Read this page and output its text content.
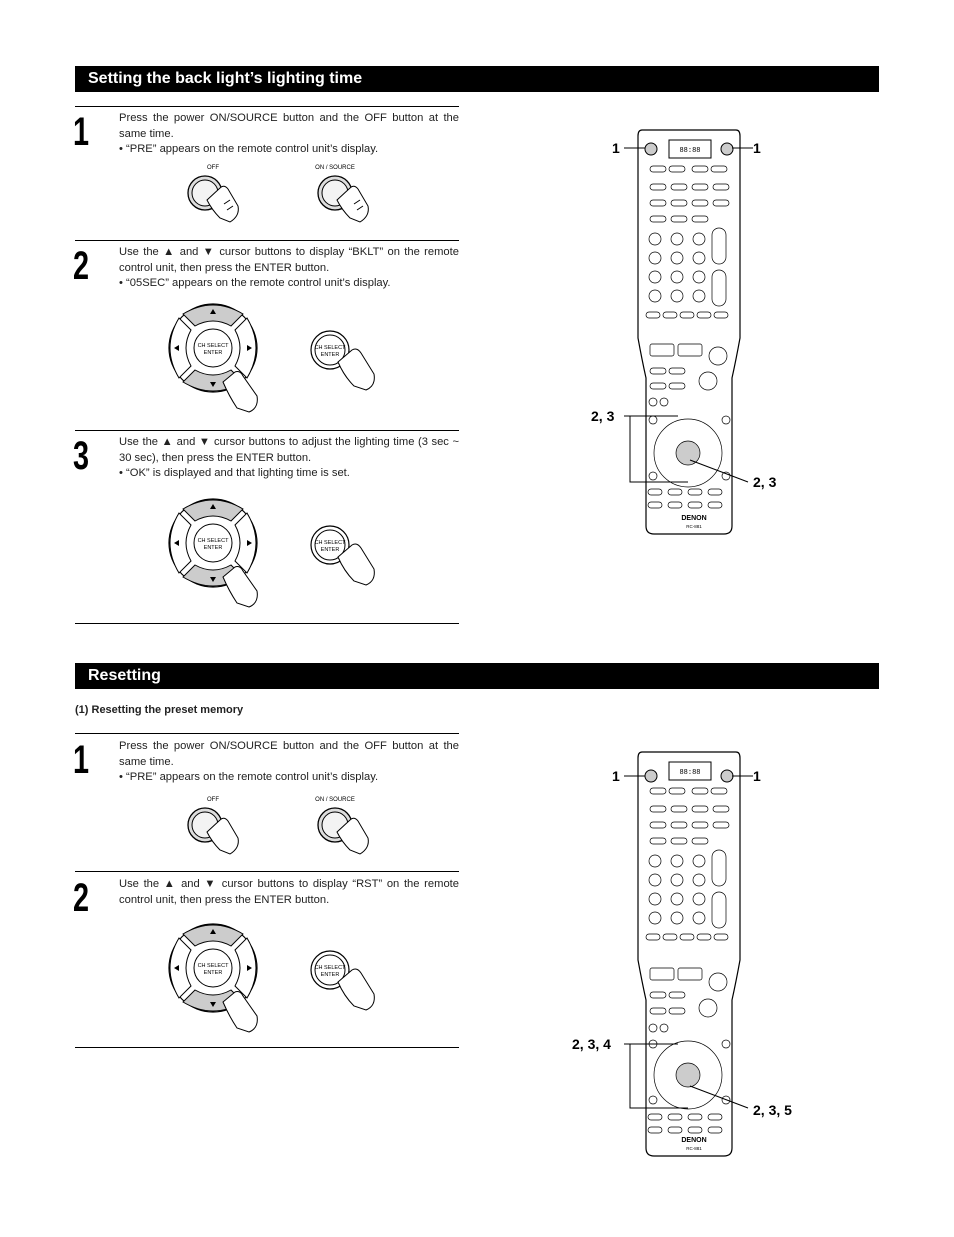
Setting the back light’s lighting time
1	Press the power ON/SOURCE button and the OFF button at the same time.

• “PRE” appears on the remote control unit’s display.

OFF	ON / SOURCE
2	Use the ▲ and ▼ cursor buttons to display “BKLT” on the remote control unit, then press the ENTER button.

• “05SEC” appears on the remote control unit’s display.

CH SELECT
ENTER
CH SELECT
ENTER
3	Use the ▲ and ▼ cursor buttons to adjust the lighting time (3 sec ~ 30 sec), then press the ENTER button.

• “OK” is displayed and that lighting time is set.

CH SELECT
ENTER
CH SELECT
ENTER
88:88
DENON
RC-881
1	1
2, 3
2, 3
Resetting
(1) Resetting the preset memory
1	Press the power ON/SOURCE button and the OFF button at the same time.

• “PRE” appears on the remote control unit’s display.

OFF	ON / SOURCE
2	Use the ▲ and ▼ cursor buttons to display “RST” on the remote control unit, then press the ENTER button.

CH SELECT
ENTER
CH SELECT
ENTER
88:88
DENON
RC-881
1	1
2, 3, 4
2, 3, 5
